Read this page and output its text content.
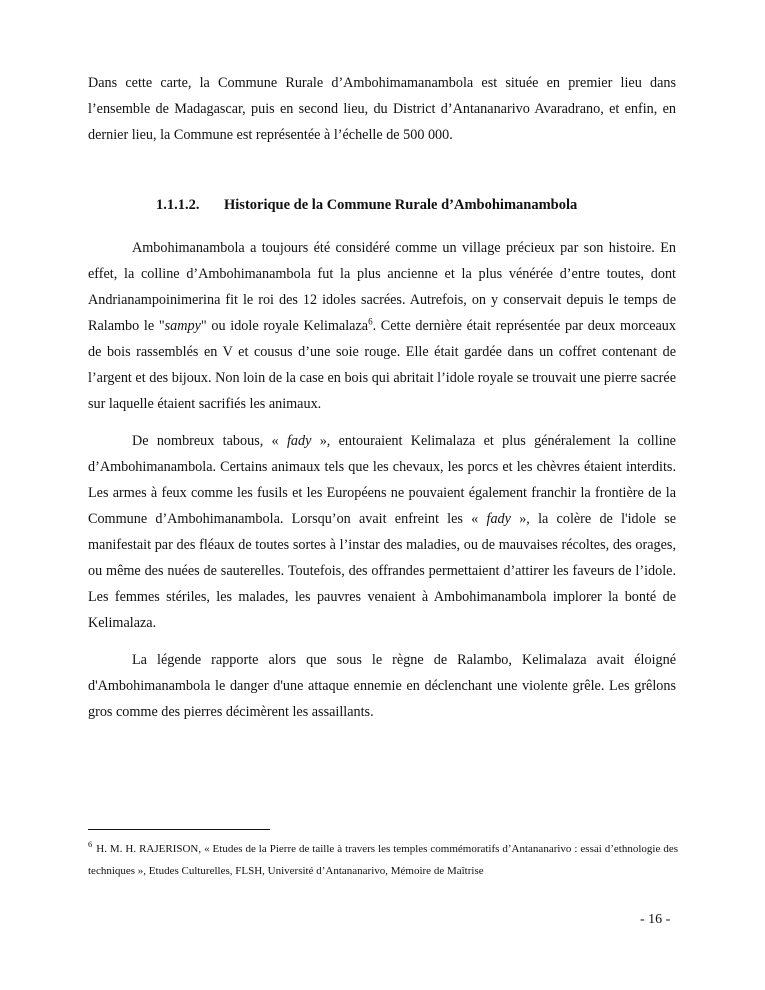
Dans cette carte, la Commune Rurale d’Ambohimamanambola est située en premier lieu dans l’ensemble de Madagascar, puis en second lieu, du District d’Antananarivo Avaradrano, et enfin, en dernier lieu, la Commune est représentée à l’échelle de 500 000.

1.1.1.2. Historique de la Commune Rurale d’Ambohimanambola

Ambohimanambola a toujours été considéré comme un village précieux par son histoire. En effet, la colline d’Ambohimanambola fut la plus ancienne et la plus vénérée d’entre toutes, dont Andrianampoinimerina fit le roi des 12 idoles sacrées. Autrefois, on y conservait depuis le temps de Ralambo le "sampy" ou idole royale Kelimalaza$^6$. Cette dernière était représentée par deux morceaux de bois rassemblés en V et cousus d’une soie rouge. Elle était gardée dans un coffret contenant de l’argent et des bijoux. Non loin de la case en bois qui abritait l’idole royale se trouvait une pierre sacrée sur laquelle étaient sacrifiés les animaux.

De nombreux tabous, « fady », entouraient Kelimalaza et plus généralement la colline d’Ambohimanambola. Certains animaux tels que les chevaux, les porcs et les chèvres étaient interdits. Les armes à feux comme les fusils et les Européens ne pouvaient également franchir la frontière de la Commune d’Ambohimanambola. Lorsqu’on avait enfreint les « fady », la colère de l'idole se manifestait par des fléaux de toutes sortes à l’instar des maladies, ou de mauvaises récoltes, des orages, ou même des nuées de sauterelles. Toutefois, des offrandes permettaient d’attirer les faveurs de l’idole. Les femmes stériles, les malades, les pauvres venaient à Ambohimanambola implorer la bonté de Kelimalaza.

La légende rapporte alors que sous le règne de Ralambo, Kelimalaza avait éloigné d'Ambohimanambola le danger d'une attaque ennemie en déclenchant une violente grêle. Les grêlons gros comme des pierres décimèrent les assaillants.

$^6$ H. M. H. RAJERISON, « Etudes de la Pierre de taille à travers les temples commémoratifs d’Antananarivo : essai d’ethnologie des techniques », Etudes Culturelles, FLSH, Université d’Antananarivo, Mémoire de Maîtrise

- 16 -
